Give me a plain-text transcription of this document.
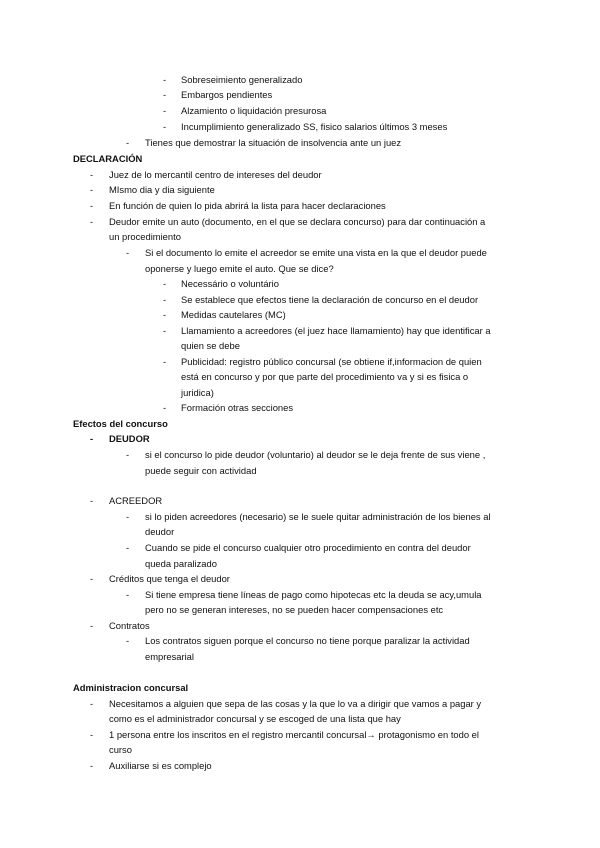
- Sobreseimiento generalizado
- Embargos pendientes
- Alzamiento o liquidación presurosa
- Incumplimiento generalizado SS, fisico salarios últimos 3 meses
- Tienes que demostrar la situación de insolvencia ante un juez
DECLARACIÓN
- Juez de lo mercantil centro de intereses del deudor
- MIsmo dia y dia siguiente
- En función de quien lo pida abrirá la lista para hacer declaraciones
- Deudor emite un auto (documento, en el que se declara concurso) para dar continuación a
un procedimiento
- Si el documento lo emite el acreedor se emite una vista en la que el deudor puede
oponerse y luego emite el auto. Que se dice?
- Necessário o voluntário
- Se establece que efectos tiene la declaración de concurso en el deudor
- Medidas cautelares (MC)
- Llamamiento a acreedores (el juez hace llamamiento) hay que identificar a
quien se debe
- Publicidad: registro público concursal (se obtiene if,informacion de quien
está en concurso y por que parte del procedimiento va y si es fisica o
juridica)
- Formación otras secciones
Efectos del concurso
- DEUDOR
- si el concurso lo pide deudor (voluntario) al deudor se le deja frente de sus viene ,
puede seguir con actividad
- ACREEDOR
- si lo piden acreedores (necesario) se le suele quitar administración de los bienes al
deudor
- Cuando se pide el concurso cualquier otro procedimiento en contra del deudor
queda paralizado
- Créditos que tenga el deudor
- Si tiene empresa tiene líneas de pago como hipotecas etc la deuda se acy,umula
pero no se generan intereses, no se pueden hacer compensaciones etc
- Contratos
- Los contratos siguen porque el concurso no tiene porque paralizar la actividad
empresarial
Administracion concursal
- Necesitamos a alguien que sepa de las cosas y la que lo va a dirigir que vamos a pagar y
como es el administrador concursal y se escoged de una lista que hay
- 1 persona entre los inscritos en el registro mercantil concursal→ protagonismo en todo el
curso
- Auxiliarse si es complejo
